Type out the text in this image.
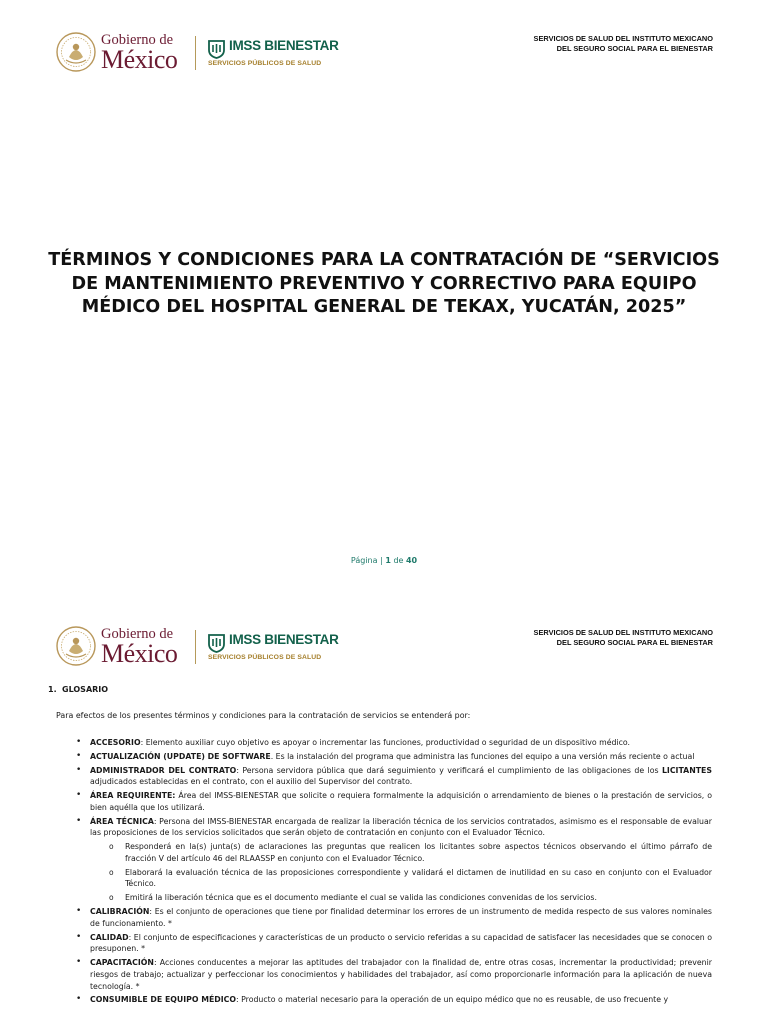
Gobierno de
México	IMSS BIENESTAR
SERVICIOS PÚBLICOS DE SALUD
SERVICIOS DE SALUD DEL INSTITUTO MEXICANO
DEL SEGURO SOCIAL PARA EL BIENESTAR
TÉRMINOS Y CONDICIONES PARA LA CONTRATACIÓN DE “SERVICIOS
DE MANTENIMIENTO PREVENTIVO Y CORRECTIVO PARA EQUIPO
MÉDICO DEL HOSPITAL GENERAL DE TEKAX, YUCATÁN, 2025”
Página | 1 de 40
Gobierno de
México	IMSS BIENESTAR
SERVICIOS PÚBLICOS DE SALUD
SERVICIOS DE SALUD DEL INSTITUTO MEXICANO
DEL SEGURO SOCIAL PARA EL BIENESTAR
1. GLOSARIO
Para efectos de los presentes términos y condiciones para la contratación de servicios se entenderá por:
• ACCESORIO: Elemento auxiliar cuyo objetivo es apoyar o incrementar las funciones, productividad o seguridad de un dispositivo médico.
• ACTUALIZACIÓN (UPDATE) DE SOFTWARE. Es la instalación del programa que administra las funciones del equipo a una versión más reciente o actual
• ADMINISTRADOR DEL CONTRATO: Persona servidora pública que dará seguimiento y verificará el cumplimiento de las obligaciones de los LICITANTES adjudicados establecidas en el contrato, con el auxilio del Supervisor del contrato.
• ÁREA REQUIRENTE: Área del IMSS-BIENESTAR que solicite o requiera formalmente la adquisición o arrendamiento de bienes o la prestación de servicios, o bien aquélla que los utilizará.
• ÁREA TÉCNICA: Persona del IMSS-BIENESTAR encargada de realizar la liberación técnica de los servicios contratados, asimismo es el responsable de evaluar las proposiciones de los servicios solicitados que serán objeto de contratación en conjunto con el Evaluador Técnico.
o Responderá en la(s) junta(s) de aclaraciones las preguntas que realicen los licitantes sobre aspectos técnicos observando el último párrafo de fracción V del artículo 46 del RLAASSP en conjunto con el Evaluador Técnico.
o Elaborará la evaluación técnica de las proposiciones correspondiente y validará el dictamen de inutilidad en su caso en conjunto con el Evaluador Técnico.
o Emitirá la liberación técnica que es el documento mediante el cual se valida las condiciones convenidas de los servicios.
• CALIBRACIÓN: Es el conjunto de operaciones que tiene por finalidad determinar los errores de un instrumento de medida respecto de sus valores nominales de funcionamiento. *
• CALIDAD: El conjunto de especificaciones y características de un producto o servicio referidas a su capacidad de satisfacer las necesidades que se conocen o presuponen. *
• CAPACITACIÓN: Acciones conducentes a mejorar las aptitudes del trabajador con la finalidad de, entre otras cosas, incrementar la productividad; prevenir riesgos de trabajo; actualizar y perfeccionar los conocimientos y habilidades del trabajador, así como proporcionarle información para la aplicación de nueva tecnología. *
• CONSUMIBLE DE EQUIPO MÉDICO: Producto o material necesario para la operación de un equipo médico que no es reusable, de uso frecuente y
